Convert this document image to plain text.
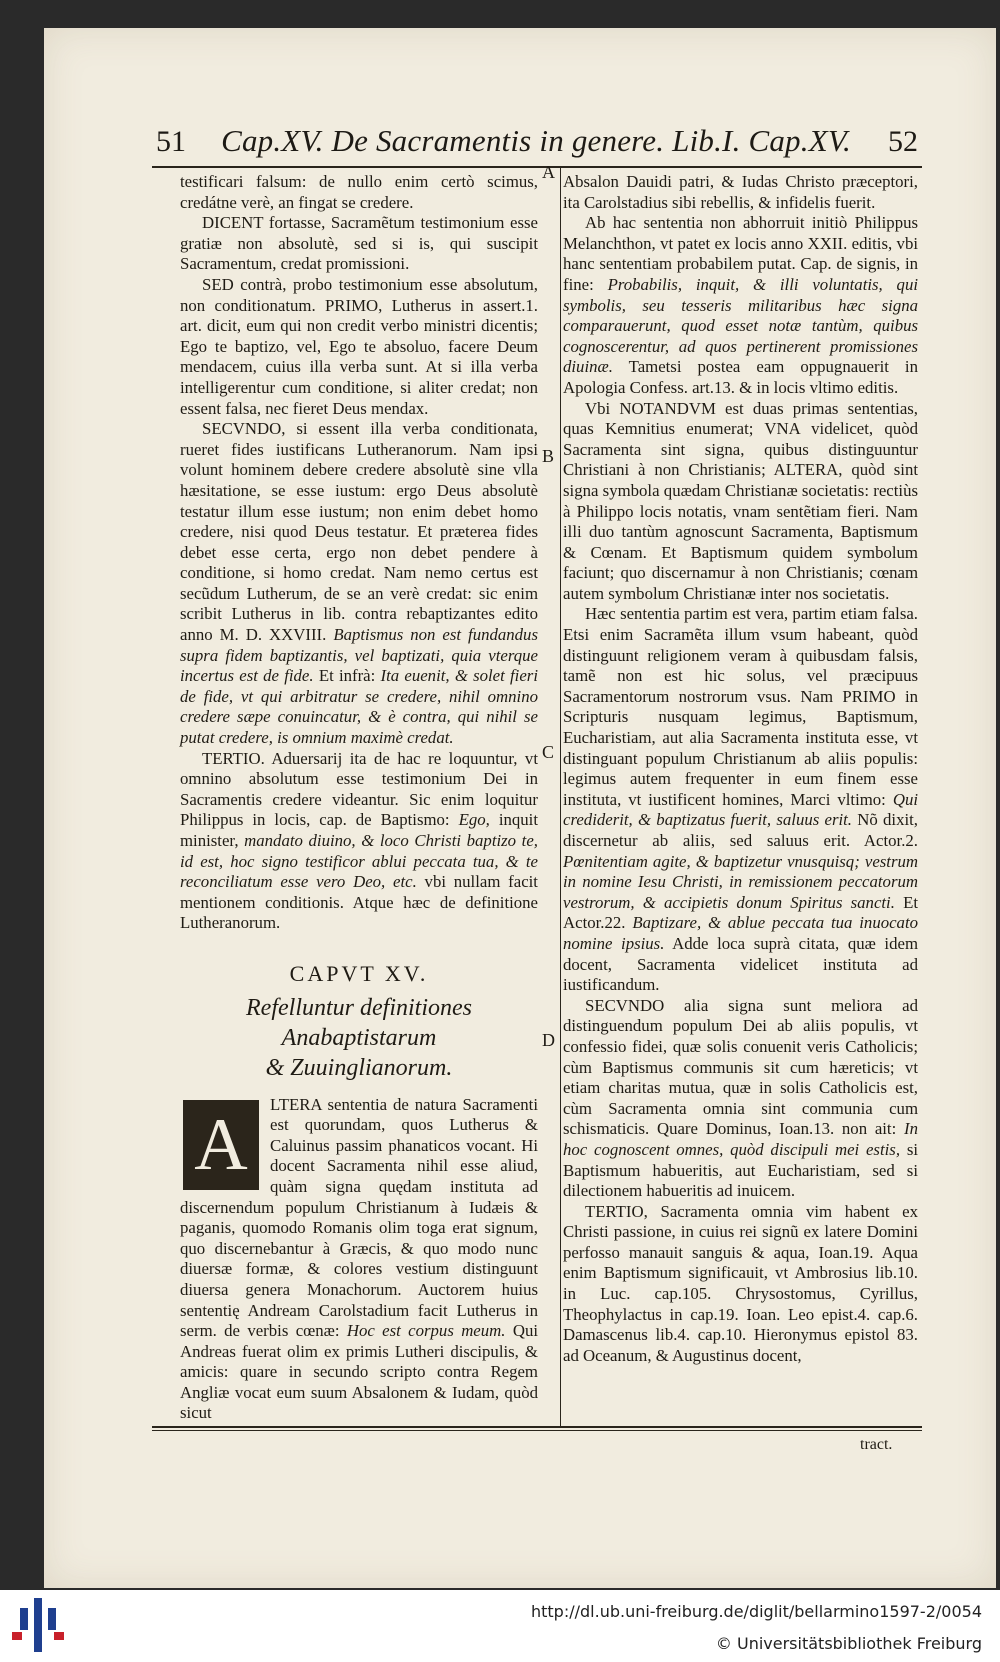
51	Cap.XV. De Sacramentis in genere. Lib.I. Cap.XV.	52
A
B
C
D

testificari falsum: de nullo enim certò scimus, credátne verè, an fingat se credere.

DICENT fortasse, Sacramẽtum testimonium esse gratiæ non absolutè, sed si is, qui suscipit Sacramentum, credat promissioni.

SED contrà, probo testimonium esse absolutum, non conditionatum. PRIMO, Lutherus in assert.1. art. dicit, eum qui non credit verbo ministri dicentis; Ego te baptizo, vel, Ego te absoluo, facere Deum mendacem, cuius illa verba sunt. At si illa verba intelligerentur cum conditione, si aliter credat; non essent falsa, nec fieret Deus mendax.

SECVNDO, si essent illa verba conditionata, rueret fides iustificans Lutheranorum. Nam ipsi volunt hominem debere credere absolutè sine vlla hæsitatione, se esse iustum: ergo Deus absolutè testatur illum esse iustum; non enim debet homo credere, nisi quod Deus testatur. Et præterea fides debet esse certa, ergo non debet pendere à conditione, si homo credat. Nam nemo certus est secũdum Lutherum, de se an verè credat: sic enim scribit Lutherus in lib. contra rebaptizantes edito anno M. D. XXVIII. Baptismus non est fundandus supra fidem baptizantis, vel baptizati, quia vterque incertus est de fide. Et infrà: Ita euenit, & solet fieri de fide, vt qui arbitratur se credere, nihil omnino credere sæpe conuincatur, & è contra, qui nihil se putat credere, is omnium maximè credat.

TERTIO. Aduersarij ita de hac re loquuntur, vt omnino absolutum esse testimonium Dei in Sacramentis credere videantur. Sic enim loquitur Philippus in locis, cap. de Baptismo: Ego, inquit minister, mandato diuino, & loco Christi baptizo te, id est, hoc signo testificor ablui peccata tua, & te reconciliatum esse vero Deo, etc. vbi nullam facit mentionem conditionis. Atque hæc de definitione Lutheranorum.

CAPVT XV.
Refelluntur definitiones Anabaptistarum
& Zuuinglianorum.

A	LTERA sententia de natura Sacramenti est quorundam, quos Lutherus & Caluinus passim phanaticos vocant. Hi docent Sacramenta nihil esse aliud, quàm signa quędam instituta ad discernendum populum Christianum à Iudæis & paganis, quomodo Romanis olim toga erat signum, quo discernebantur à Græcis, & quo modo nunc diuersæ formæ, & colores vestium distinguunt diuersa genera Monachorum. Auctorem huius sententię Andream Carolstadium facit Lutherus in serm. de verbis cœnæ: Hoc est corpus meum. Qui Andreas fuerat olim ex primis Lutheri discipulis, & amicis: quare in secundo scripto contra Regem Angliæ vocat eum suum Absalonem & Iudam, quòd sicut

Absalon Dauidi patri, & Iudas Christo præceptori, ita Carolstadius sibi rebellis, & infidelis fuerit.

Ab hac sententia non abhorruit initiò Philippus Melanchthon, vt patet ex locis anno XXII. editis, vbi hanc sententiam probabilem putat. Cap. de signis, in fine: Probabilis, inquit, & illi voluntatis, qui symbolis, seu tesseris militaribus hæc signa comparauerunt, quod esset notæ tantùm, quibus cognoscerentur, ad quos pertinerent promissiones diuinæ. Tametsi postea eam oppugnauerit in Apologia Confess. art.13. & in locis vltimo editis.

Vbi NOTANDVM est duas primas sententias, quas Kemnitius enumerat; VNA videlicet, quòd Sacramenta sint signa, quibus distinguuntur Christiani à non Christianis; ALTERA, quòd sint signa symbola quædam Christianæ societatis: rectiùs à Philippo locis notatis, vnam sentẽtiam fieri. Nam illi duo tantùm agnoscunt Sacramenta, Baptismum & Cœnam. Et Baptismum quidem symbolum faciunt; quo discernamur à non Christianis; cœnam autem symbolum Christianæ inter nos societatis.

Hæc sententia partim est vera, partim etiam falsa. Etsi enim Sacramẽta illum vsum habeant, quòd distinguunt religionem veram à quibusdam falsis, tamẽ non est hic solus, vel præcipuus Sacramentorum nostrorum vsus. Nam PRIMO in Scripturis nusquam legimus, Baptismum, Eucharistiam, aut alia Sacramenta instituta esse, vt distinguant populum Christianum ab aliis populis: legimus autem frequenter in eum finem esse instituta, vt iustificent homines, Marci vltimo: Qui crediderit, & baptizatus fuerit, saluus erit. Nõ dixit, discernetur ab aliis, sed saluus erit. Actor.2. Pœnitentiam agite, & baptizetur vnusquisq; vestrum in nomine Iesu Christi, in remissionem peccatorum vestrorum, & accipietis donum Spiritus sancti. Et Actor.22. Baptizare, & ablue peccata tua inuocato nomine ipsius. Adde loca suprà citata, quæ idem docent, Sacramenta videlicet instituta ad iustificandum.

SECVNDO alia signa sunt meliora ad distinguendum populum Dei ab aliis populis, vt confessio fidei, quæ solis conuenit veris Catholicis; cùm Baptismus communis sit cum hæreticis; vt etiam charitas mutua, quæ in solis Catholicis est, cùm Sacramenta omnia sint communia cum schismaticis. Quare Dominus, Ioan.13. non ait: In hoc cognoscent omnes, quòd discipuli mei estis, si Baptismum habueritis, aut Eucharistiam, sed si dilectionem habueritis ad inuicem.

TERTIO, Sacramenta omnia vim habent ex Christi passione, in cuius rei signũ ex latere Domini perfosso manauit sanguis & aqua, Ioan.19. Aqua enim Baptismum significauit, vt Ambrosius lib.10. in Luc. cap.105. Chrysostomus, Cyrillus, Theophylactus in cap.19. Ioan. Leo epist.4. cap.6. Damascenus lib.4. cap.10. Hieronymus epistol 83. ad Oceanum, & Augustinus docent,

tract.
http://dl.ub.uni-freiburg.de/diglit/bellarmino1597-2/0054
© Universitätsbibliothek Freiburg
